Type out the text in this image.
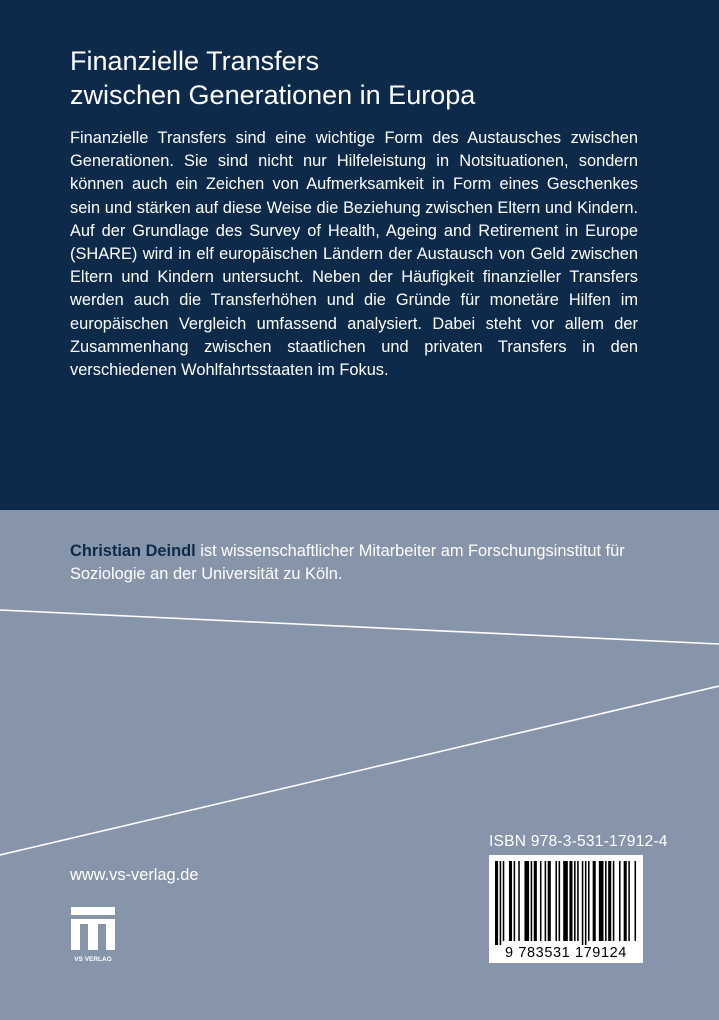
Finanzielle Transfers
zwischen Generationen in Europa

Finanzielle Transfers sind eine wichtige Form des Austausches zwischen Generationen. Sie sind nicht nur Hilfeleistung in Notsituationen, sondern können auch ein Zeichen von Aufmerksamkeit in Form eines Geschenkes sein und stärken auf diese Weise die Beziehung zwischen Eltern und Kindern. Auf der Grundlage des Survey of Health, Ageing and Retirement in Europe (SHARE) wird in elf europäischen Ländern der Austausch von Geld zwischen Eltern und Kindern untersucht. Neben der Häufigkeit finanzieller Transfers werden auch die Transferhöhen und die Gründe für monetäre Hilfen im europäischen Vergleich umfassend analysiert. Dabei steht vor allem der Zusammenhang zwischen staatlichen und privaten Transfers in den verschiedenen Wohlfahrtsstaaten im Fokus.

Christian Deindl ist wissenschaftlicher Mitarbeiter am Forschungsinstitut für Soziologie an der Universität zu Köln.

www.vs-verlag.de
VS VERLAG
ISBN 978-3-531-17912-4
9 783531 179124
